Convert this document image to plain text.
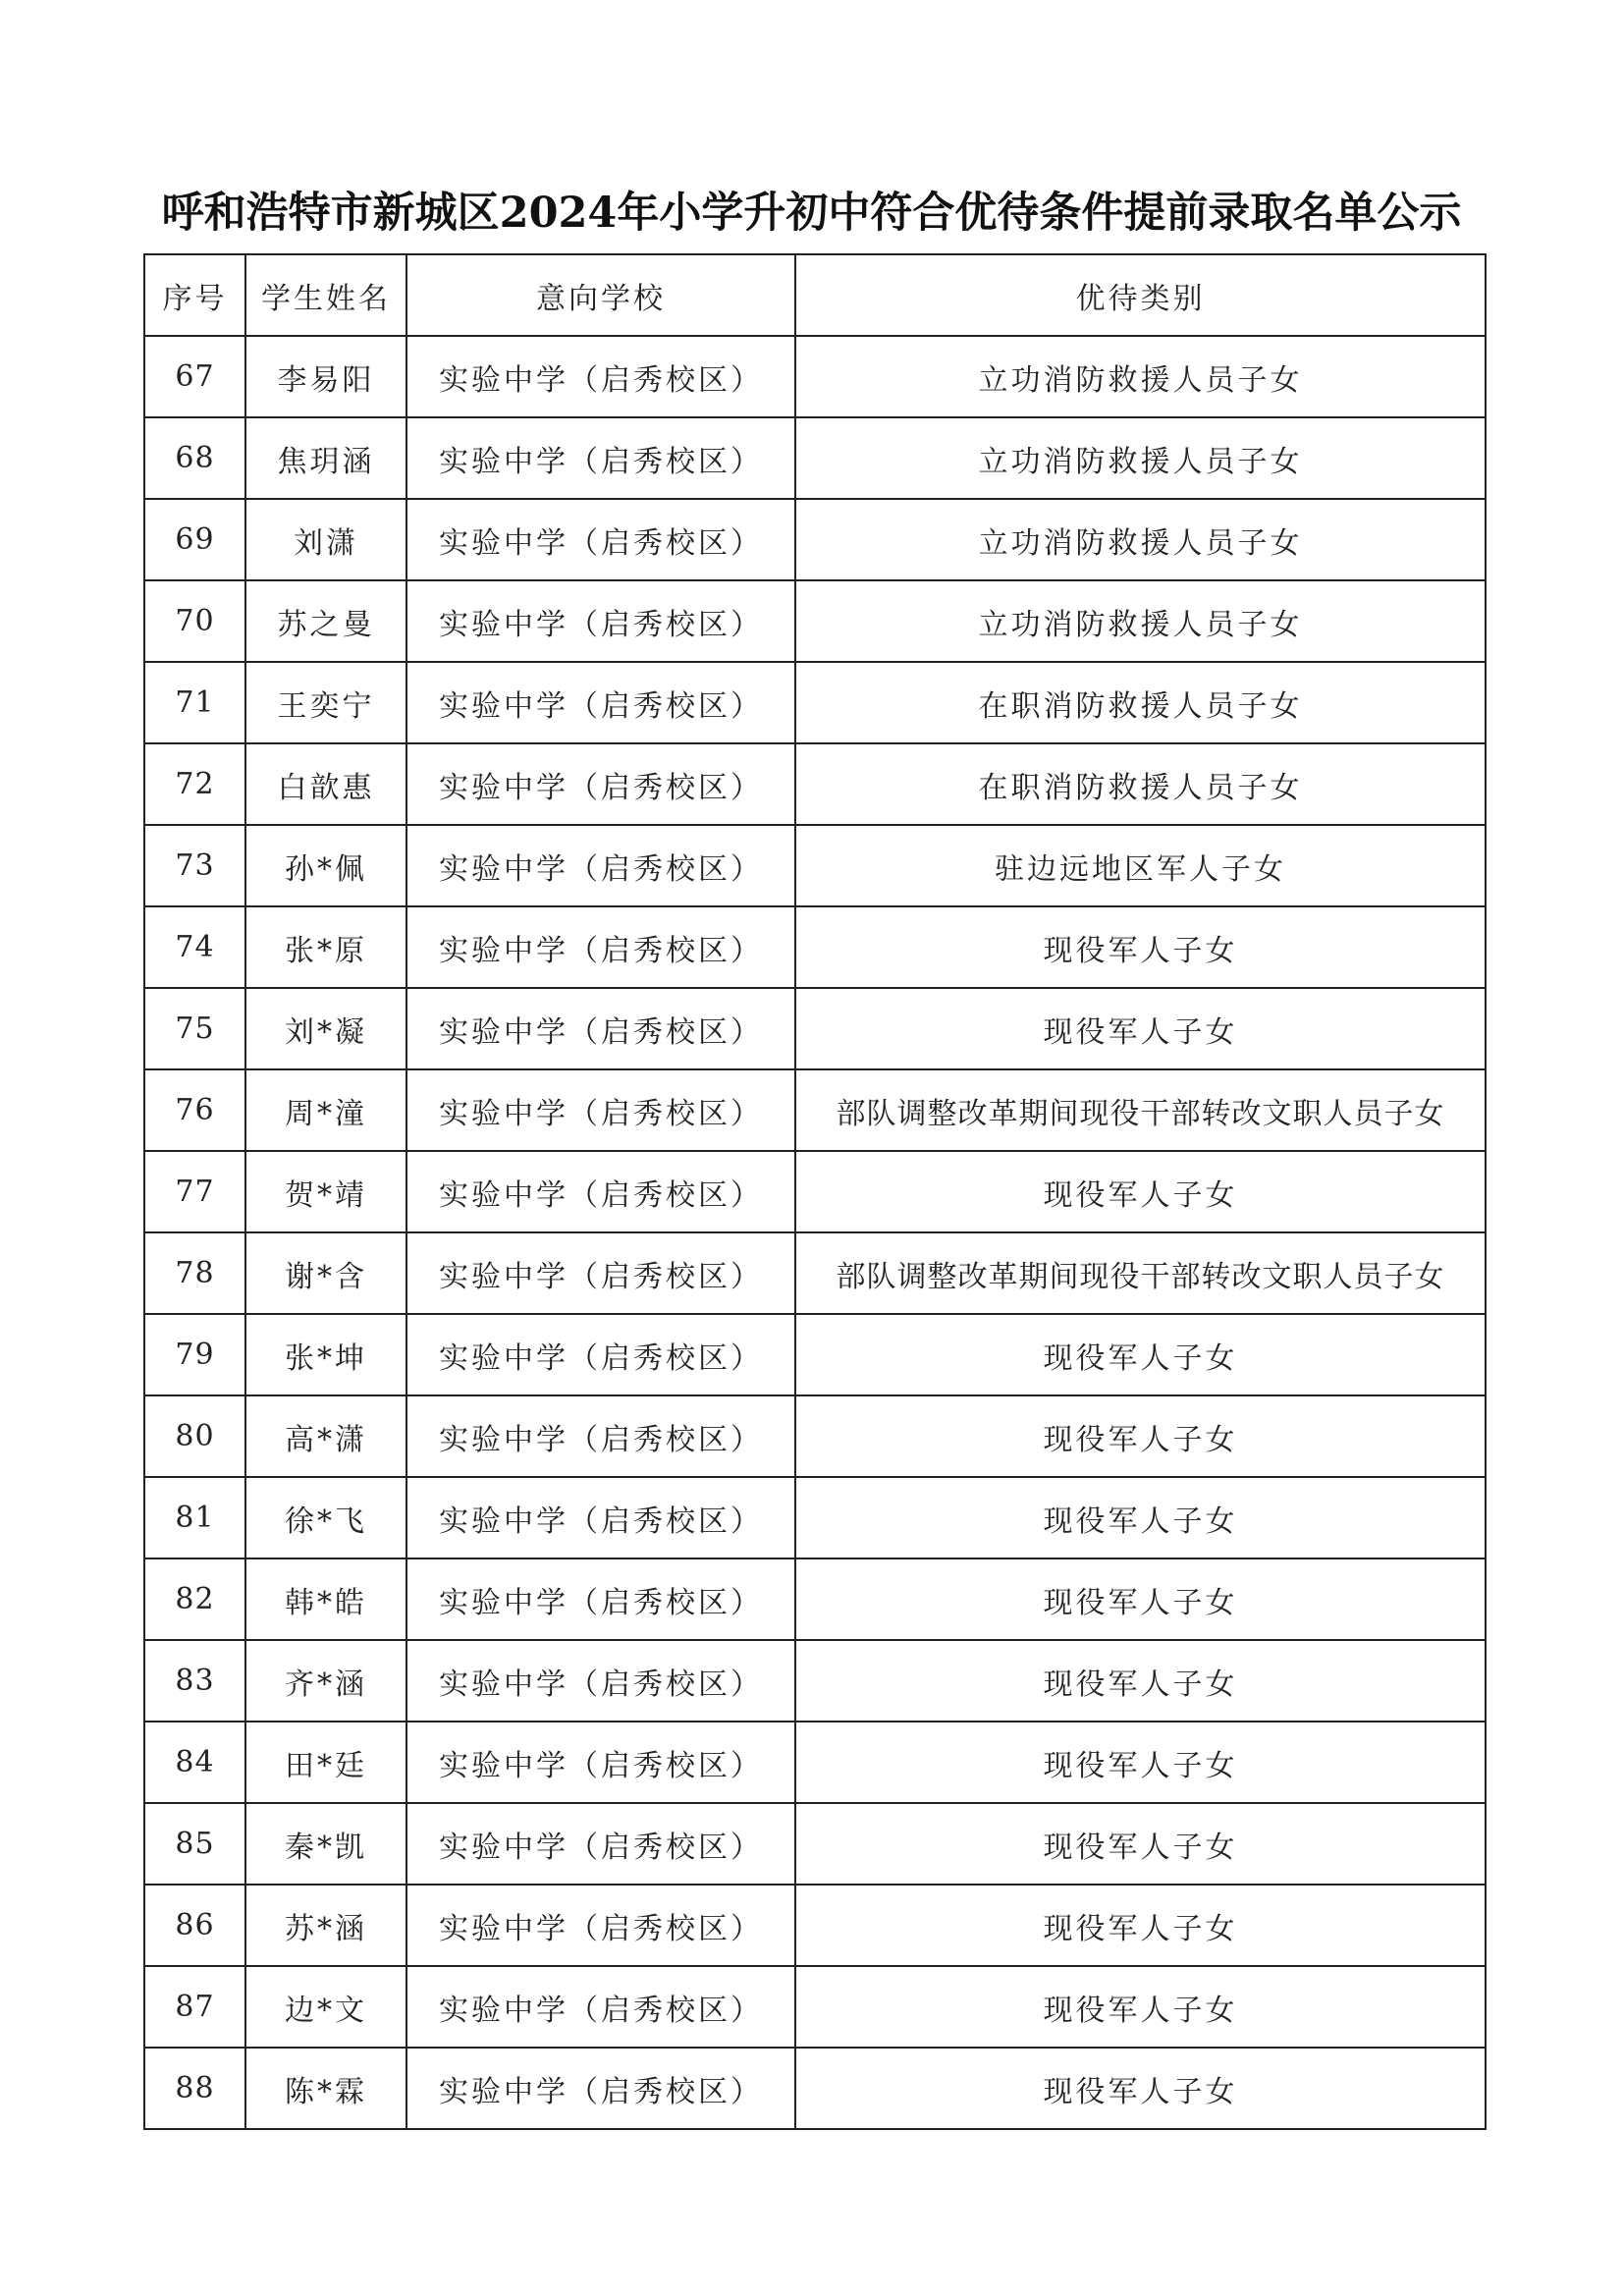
呼和浩特市新城区2024年小学升初中符合优待条件提前录取名单公示
序号	学生姓名	意向学校	优待类别
67	李易阳	实验中学（启秀校区）	立功消防救援人员子女
68	焦玥涵	实验中学（启秀校区）	立功消防救援人员子女
69	刘潇	实验中学（启秀校区）	立功消防救援人员子女
70	苏之曼	实验中学（启秀校区）	立功消防救援人员子女
71	王奕宁	实验中学（启秀校区）	在职消防救援人员子女
72	白歆惠	实验中学（启秀校区）	在职消防救援人员子女
73	孙*佩	实验中学（启秀校区）	驻边远地区军人子女
74	张*原	实验中学（启秀校区）	现役军人子女
75	刘*凝	实验中学（启秀校区）	现役军人子女
76	周*潼	实验中学（启秀校区）	部队调整改革期间现役干部转改文职人员子女
77	贺*靖	实验中学（启秀校区）	现役军人子女
78	谢*含	实验中学（启秀校区）	部队调整改革期间现役干部转改文职人员子女
79	张*坤	实验中学（启秀校区）	现役军人子女
80	高*潇	实验中学（启秀校区）	现役军人子女
81	徐*飞	实验中学（启秀校区）	现役军人子女
82	韩*皓	实验中学（启秀校区）	现役军人子女
83	齐*涵	实验中学（启秀校区）	现役军人子女
84	田*廷	实验中学（启秀校区）	现役军人子女
85	秦*凯	实验中学（启秀校区）	现役军人子女
86	苏*涵	实验中学（启秀校区）	现役军人子女
87	边*文	实验中学（启秀校区）	现役军人子女
88	陈*霖	实验中学（启秀校区）	现役军人子女
